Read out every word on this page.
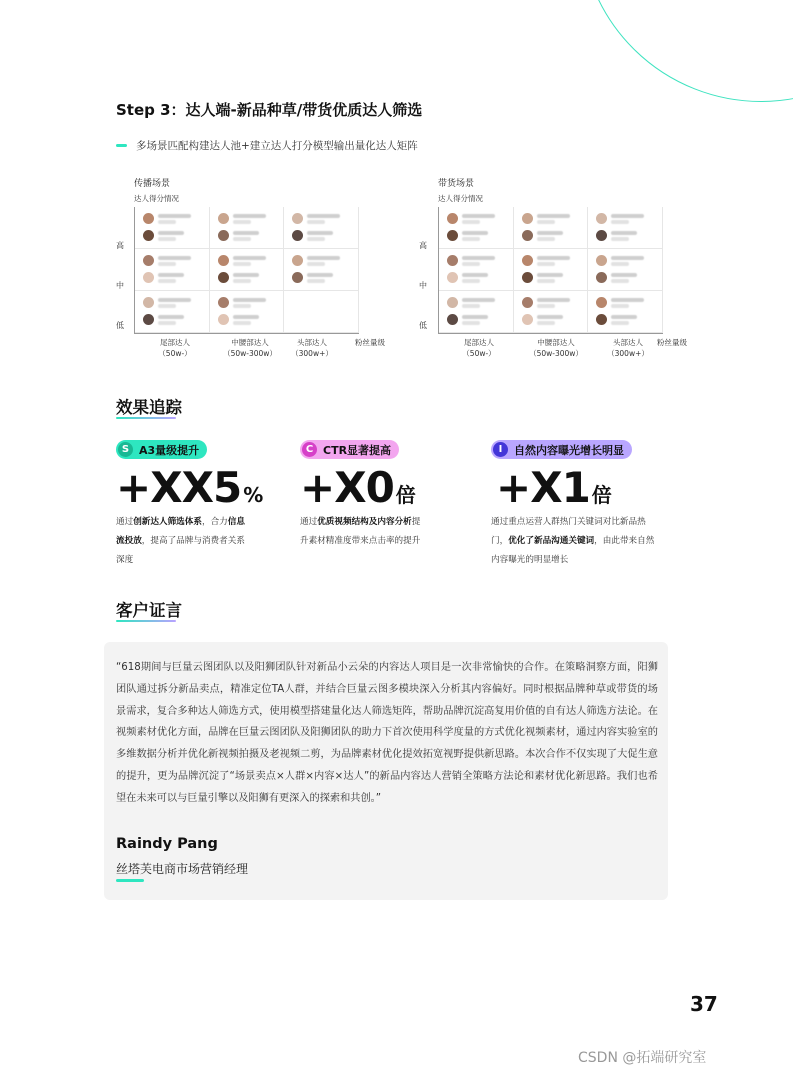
Step 3：达人端-新品种草/带货优质达人筛选
多场景匹配构建达人池+建立达人打分模型输出量化达人矩阵
传播场景
达人得分情况
高
中
低
尾部达人
（50w-）
中腰部达人
（50w-300w）
头部达人
（300w+）
粉丝量级
带货场景
达人得分情况
高
中
低
尾部达人
（50w-）
中腰部达人
（50w-300w）
头部达人
（300w+）
粉丝量级
效果追踪
S A3量级提升
+XX5 %
通过创新达人筛选体系，合力信息流投放，提高了品牌与消费者关系深度
C CTR显著提高
+X0 倍
通过优质视频结构及内容分析提升素材精准度带来点击率的提升
I	自然内容曝光增长明显
+X1 倍
通过重点运营人群热门关键词对比新品热门，优化了新品沟通关键词，由此带来自然内容曝光的明显增长
客户证言
“618期间与巨量云图团队以及阳狮团队针对新品小云朵的内容达人项目是一次非常愉快的合作。在策略洞察方面，阳狮团队通过拆分新品卖点，精准定位TA人群，并结合巨量云图多模块深入分析其内容偏好。同时根据品牌种草或带货的场景需求，复合多种达人筛选方式，使用模型搭建量化达人筛选矩阵，帮助品牌沉淀高复用价值的自有达人筛选方法论。在视频素材优化方面，品牌在巨量云图团队及阳狮团队的助力下首次使用科学度量的方式优化视频素材，通过内容实验室的多维数据分析并优化新视频拍摄及老视频二剪，为品牌素材优化提效拓宽视野提供新思路。本次合作不仅实现了大促生意的提升，更为品牌沉淀了“场景卖点×人群×内容×达人”的新品内容达人营销全策略方法论和素材优化新思路。我们也希望在未来可以与巨量引擎以及阳狮有更深入的探索和共创。”
Raindy Pang
丝塔芙电商市场营销经理
37
CSDN @拓端研究室
